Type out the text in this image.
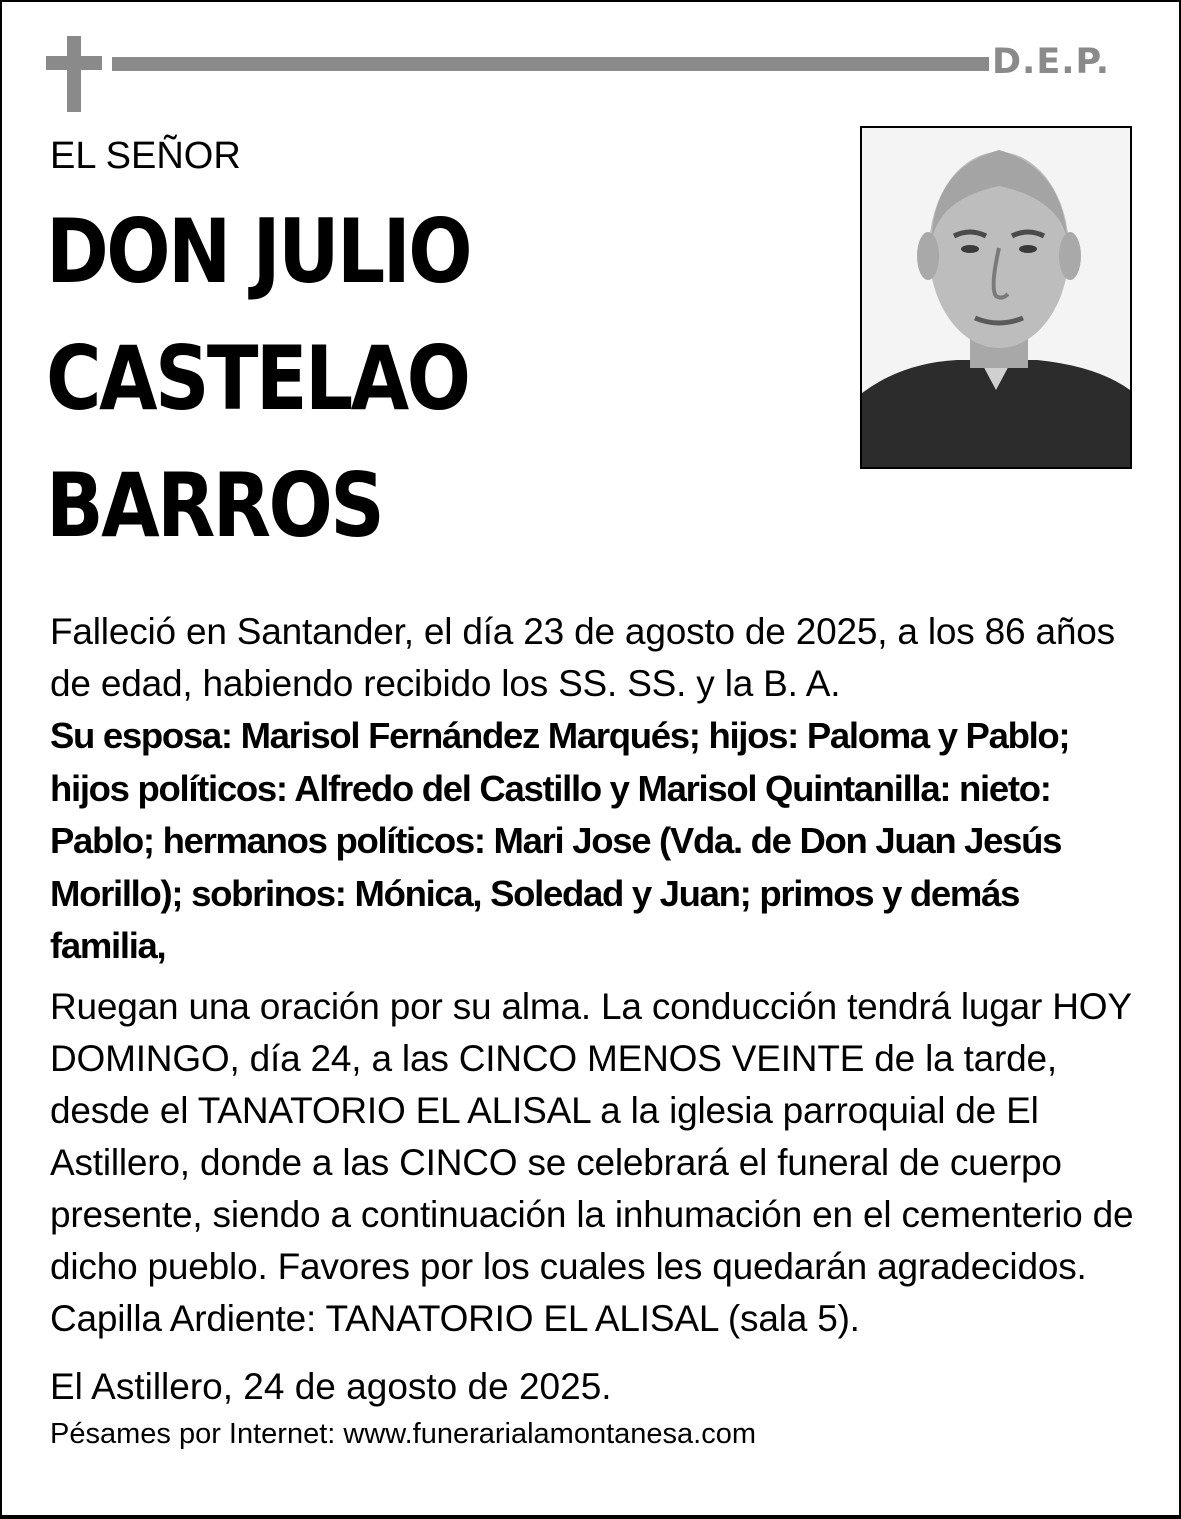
D.E.P.
EL SEÑOR
DON JULIO
CASTELAO
BARROS

Falleció en Santander, el día 23 de agosto de 2025, a los 86 años de edad, habiendo recibido los SS. SS. y la B. A.

Su esposa: Marisol Fernández Marqués; hijos: Paloma y Pablo; hijos políticos: Alfredo del Castillo y Marisol Quintanilla: nieto: Pablo; hermanos políticos: Mari Jose (Vda. de Don Juan Jesús Morillo); sobrinos: Mónica, Soledad y Juan; primos y demás familia,

Ruegan una oración por su alma. La conducción tendrá lugar HOY DOMINGO, día 24, a las CINCO MENOS VEINTE de la tarde, desde el TANATORIO EL ALISAL a la iglesia parroquial de El Astillero, donde a las CINCO se celebrará el funeral de cuerpo presente, siendo a continuación la inhumación en el cementerio de dicho pueblo. Favores por los cuales les quedarán agradecidos. Capilla Ardiente: TANATORIO EL ALISAL (sala 5).

El Astillero, 24 de agosto de 2025.

Pésames por Internet: www.funerarialamontanesa.com
